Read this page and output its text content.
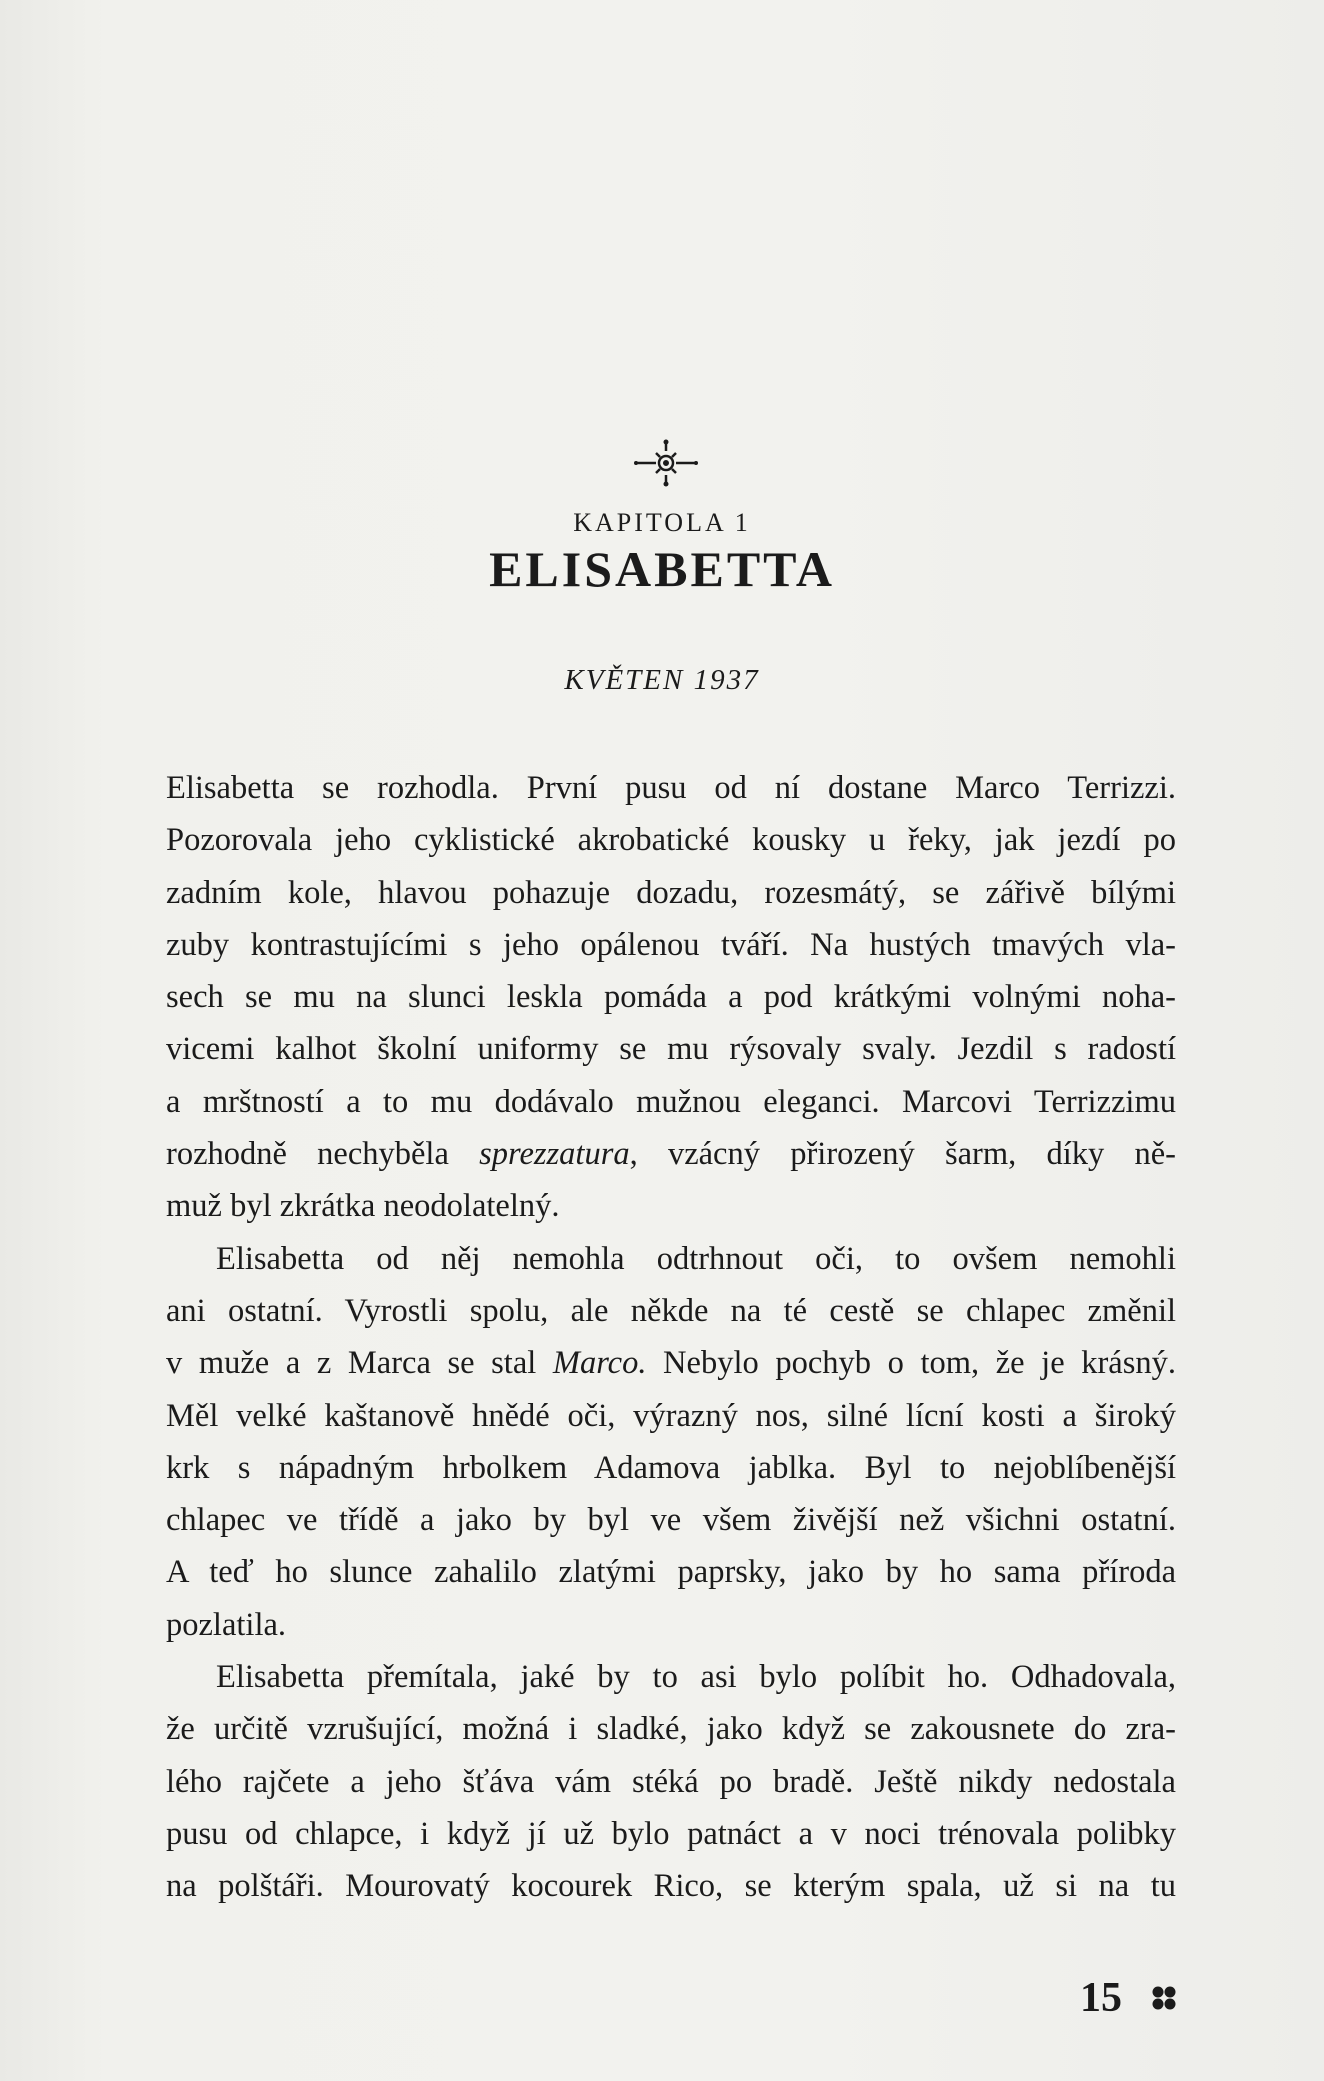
KAPITOLA 1
ELISABETTA
KVĚTEN 1937

Elisabetta se rozhodla. První pusu od ní dostane Marco Terrizzi.

Pozorovala jeho cyklistické akrobatické kousky u řeky, jak jezdí po

zadním kole, hlavou pohazuje dozadu, rozesmátý, se zářivě bílými

zuby kontrastujícími s jeho opálenou tváří. Na hustých tmavých vla-

sech se mu na slunci leskla pomáda a pod krátkými volnými noha-

vicemi kalhot školní uniformy se mu rýsovaly svaly. Jezdil s radostí

a mrštností a to mu dodávalo mužnou eleganci. Marcovi Terrizzimu

rozhodně nechyběla sprezzatura, vzácný přirozený šarm, díky ně-

muž byl zkrátka neodolatelný.

Elisabetta od něj nemohla odtrhnout oči, to ovšem nemohli

ani ostatní. Vyrostli spolu, ale někde na té cestě se chlapec změnil

v muže a z Marca se stal Marco. Nebylo pochyb o tom, že je krásný.

Měl velké kaštanově hnědé oči, výrazný nos, silné lícní kosti a široký

krk s nápadným hrbolkem Adamova jablka. Byl to nejoblíbenější

chlapec ve třídě a jako by byl ve všem živější než všichni ostatní.

A teď ho slunce zahalilo zlatými paprsky, jako by ho sama příroda

pozlatila.

Elisabetta přemítala, jaké by to asi bylo políbit ho. Odhadovala,

že určitě vzrušující, možná i sladké, jako když se zakousnete do zra-

lého rajčete a jeho šťáva vám stéká po bradě. Ještě nikdy nedostala

pusu od chlapce, i když jí už bylo patnáct a v noci trénovala polibky

na polštáři. Mourovatý kocourek Rico, se kterým spala, už si na tu

15
